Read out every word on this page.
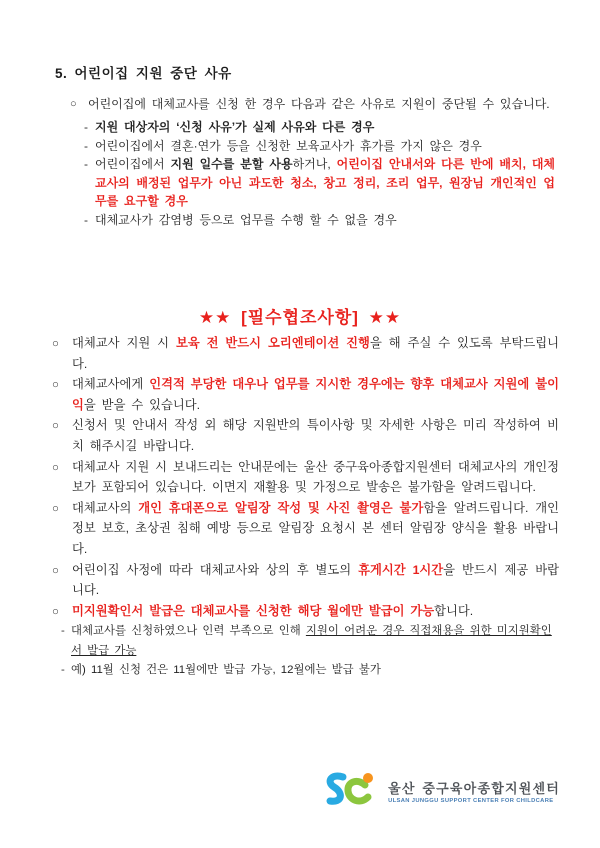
5. 어린이집 지원 중단 사유
○ 어린이집에 대체교사를 신청 한 경우 다음과 같은 사유로 지원이 중단될 수 있습니다.
- 지원 대상자의 ‘신청 사유’가 실제 사유와 다른 경우
- 어린이집에서 결혼·연가 등을 신청한 보육교사가 휴가를 가지 않은 경우
- 어린이집에서 지원 일수를 분할 사용하거나, 어린이집 안내서와 다른 반에 배치, 대체교사의 배정된 업무가 아닌 과도한 청소, 창고 정리, 조리 업무, 원장님 개인적인 업무를 요구할 경우
- 대체교사가 감염병 등으로 업무를 수행 할 수 없을 경우
★★ [필수협조사항] ★★
○	대체교사 지원 시 보육 전 반드시 오리엔테이션 진행을 해 주실 수 있도록 부탁드립니다.
○	대체교사에게 인격적 부당한 대우나 업무를 지시한 경우에는 향후 대체교사 지원에 불이익을 받을 수 있습니다.
○	신청서 및 안내서 작성 외 해당 지원반의 특이사항 및 자세한 사항은 미리 작성하여 비치 해주시길 바랍니다.
○	대체교사 지원 시 보내드리는 안내문에는 울산 중구육아종합지원센터 대체교사의 개인정보가 포함되어 있습니다. 이면지 재활용 및 가정으로 발송은 불가함을 알려드립니다.
○	대체교사의 개인 휴대폰으로 알림장 작성 및 사진 촬영은 불가함을 알려드립니다. 개인정보 보호, 초상권 침해 예방 등으로 알림장 요청시 본 센터 알림장 양식을 활용 바랍니다.
○	어린이집 사정에 따라 대체교사와 상의 후 별도의 휴게시간 1시간을 반드시 제공 바랍니다.
○	미지원확인서 발급은 대체교사를 신청한 해당 월에만 발급이 가능합니다.
- 대체교사를 신청하였으나 인력 부족으로 인해 지원이 어려운 경우 직접채용을 위한 미지원확인서 발급 가능
- 예) 11월 신청 건은 11월에만 발급 가능, 12월에는 발급 불가
울산 중구육아종합지원센터
ULSAN JUNGGU SUPPORT CENTER FOR CHILDCARE
